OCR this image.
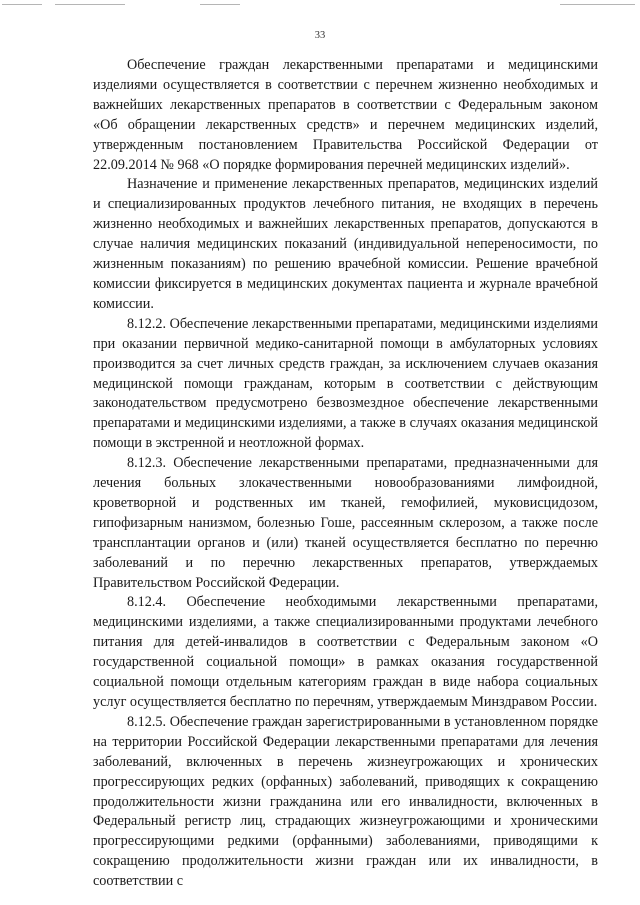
33

Обеспечение граждан лекарственными препаратами и медицинскими изделиями осуществляется в соответствии с перечнем жизненно необходимых и важнейших лекарственных препаратов в соответствии с Федеральным законом «Об обращении лекарственных средств» и перечнем медицинских изделий, утвержденным постановлением Правительства Российской Федерации от 22.09.2014 № 968 «О порядке формирования перечней медицинских изделий».

Назначение и применение лекарственных препаратов, медицинских изделий и специализированных продуктов лечебного питания, не входящих в перечень жизненно необходимых и важнейших лекарственных препаратов, допускаются в случае наличия медицинских показаний (индивидуальной непереносимости, по жизненным показаниям) по решению врачебной комиссии. Решение врачебной комиссии фиксируется в медицинских документах пациента и журнале врачебной комиссии.

8.12.2. Обеспечение лекарственными препаратами, медицинскими изделиями при оказании первичной медико-санитарной помощи в амбулаторных условиях производится за счет личных средств граждан, за исключением случаев оказания медицинской помощи гражданам, которым в соответствии с действующим законодательством предусмотрено безвозмездное обеспечение лекарственными препаратами и медицинскими изделиями, а также в случаях оказания медицинской помощи в экстренной и неотложной формах.

8.12.3. Обеспечение лекарственными препаратами, предназначенными для лечения больных злокачественными новообразованиями лимфоидной, кроветворной и родственных им тканей, гемофилией, муковисцидозом, гипофизарным нанизмом, болезнью Гоше, рассеянным склерозом, а также после трансплантации органов и (или) тканей осуществляется бесплатно по перечню заболеваний и по перечню лекарственных препаратов, утверждаемых Правительством Российской Федерации.

8.12.4. Обеспечение необходимыми лекарственными препаратами, медицинскими изделиями, а также специализированными продуктами лечебного питания для детей-инвалидов в соответствии с Федеральным законом «О государственной социальной помощи» в рамках оказания государственной социальной помощи отдельным категориям граждан в виде набора социальных услуг осуществляется бесплатно по перечням, утверждаемым Минздравом России.

8.12.5. Обеспечение граждан зарегистрированными в установленном порядке на территории Российской Федерации лекарственными препаратами для лечения заболеваний, включенных в перечень жизнеугрожающих и хронических прогрессирующих редких (орфанных) заболеваний, приводящих к сокращению продолжительности жизни гражданина или его инвалидности, включенных в Федеральный регистр лиц, страдающих жизнеугрожающими и хроническими прогрессирующими редкими (орфанными) заболеваниями, приводящими к сокращению продолжительности жизни граждан или их инвалидности, в соответствии с
